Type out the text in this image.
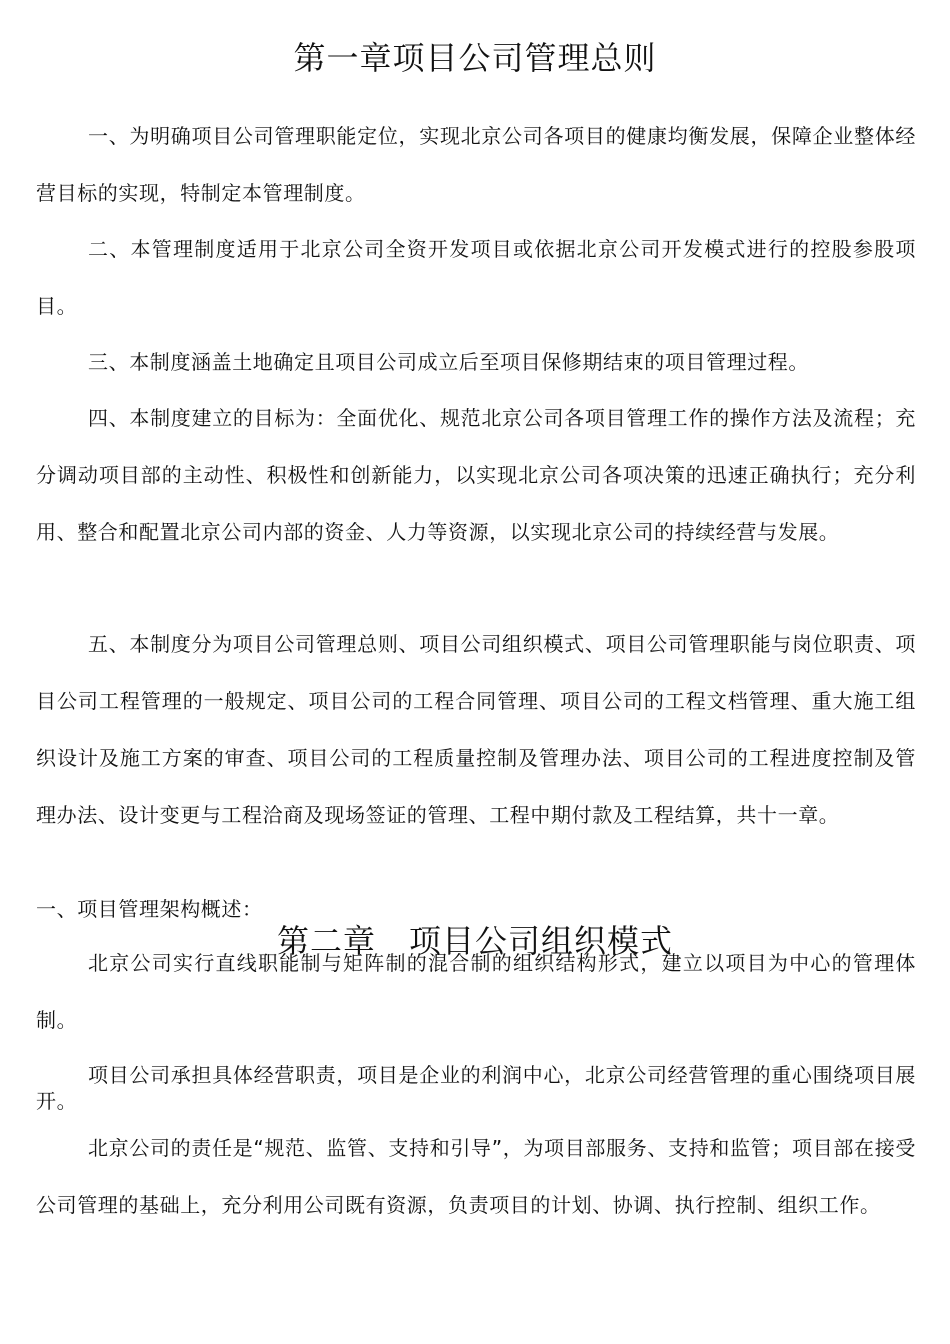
第一章项目公司管理总则

一、为明确项目公司管理职能定位，实现北京公司各项目的健康均衡发展，保障企业整体经营目标的实现，特制定本管理制度。

二、本管理制度适用于北京公司全资开发项目或依据北京公司开发模式进行的控股参股项目。

三、本制度涵盖土地确定且项目公司成立后至项目保修期结束的项目管理过程。

四、本制度建立的目标为：全面优化、规范北京公司各项目管理工作的操作方法及流程；充分调动项目部的主动性、积极性和创新能力，以实现北京公司各项决策的迅速正确执行；充分利用、整合和配置北京公司内部的资金、人力等资源，以实现北京公司的持续经营与发展。

五、本制度分为项目公司管理总则、项目公司组织模式、项目公司管理职能与岗位职责、项目公司工程管理的一般规定、项目公司的工程合同管理、项目公司的工程文档管理、重大施工组织设计及施工方案的审查、项目公司的工程质量控制及管理办法、项目公司的工程进度控制及管理办法、设计变更与工程洽商及现场签证的管理、工程中期付款及工程结算，共十一章。

一、项目管理架构概述：

北京公司实行直线职能制与矩阵制的混合制的组织结构形式，建立以项目为中心的管理体制。

第二章　项目公司组织模式

项目公司承担具体经营职责，项目是企业的利润中心，北京公司经营管理的重心围绕项目展开。

北京公司的责任是“规范、监管、支持和引导”，为项目部服务、支持和监管；项目部在接受公司管理的基础上，充分利用公司既有资源，负责项目的计划、协调、执行控制、组织工作。
